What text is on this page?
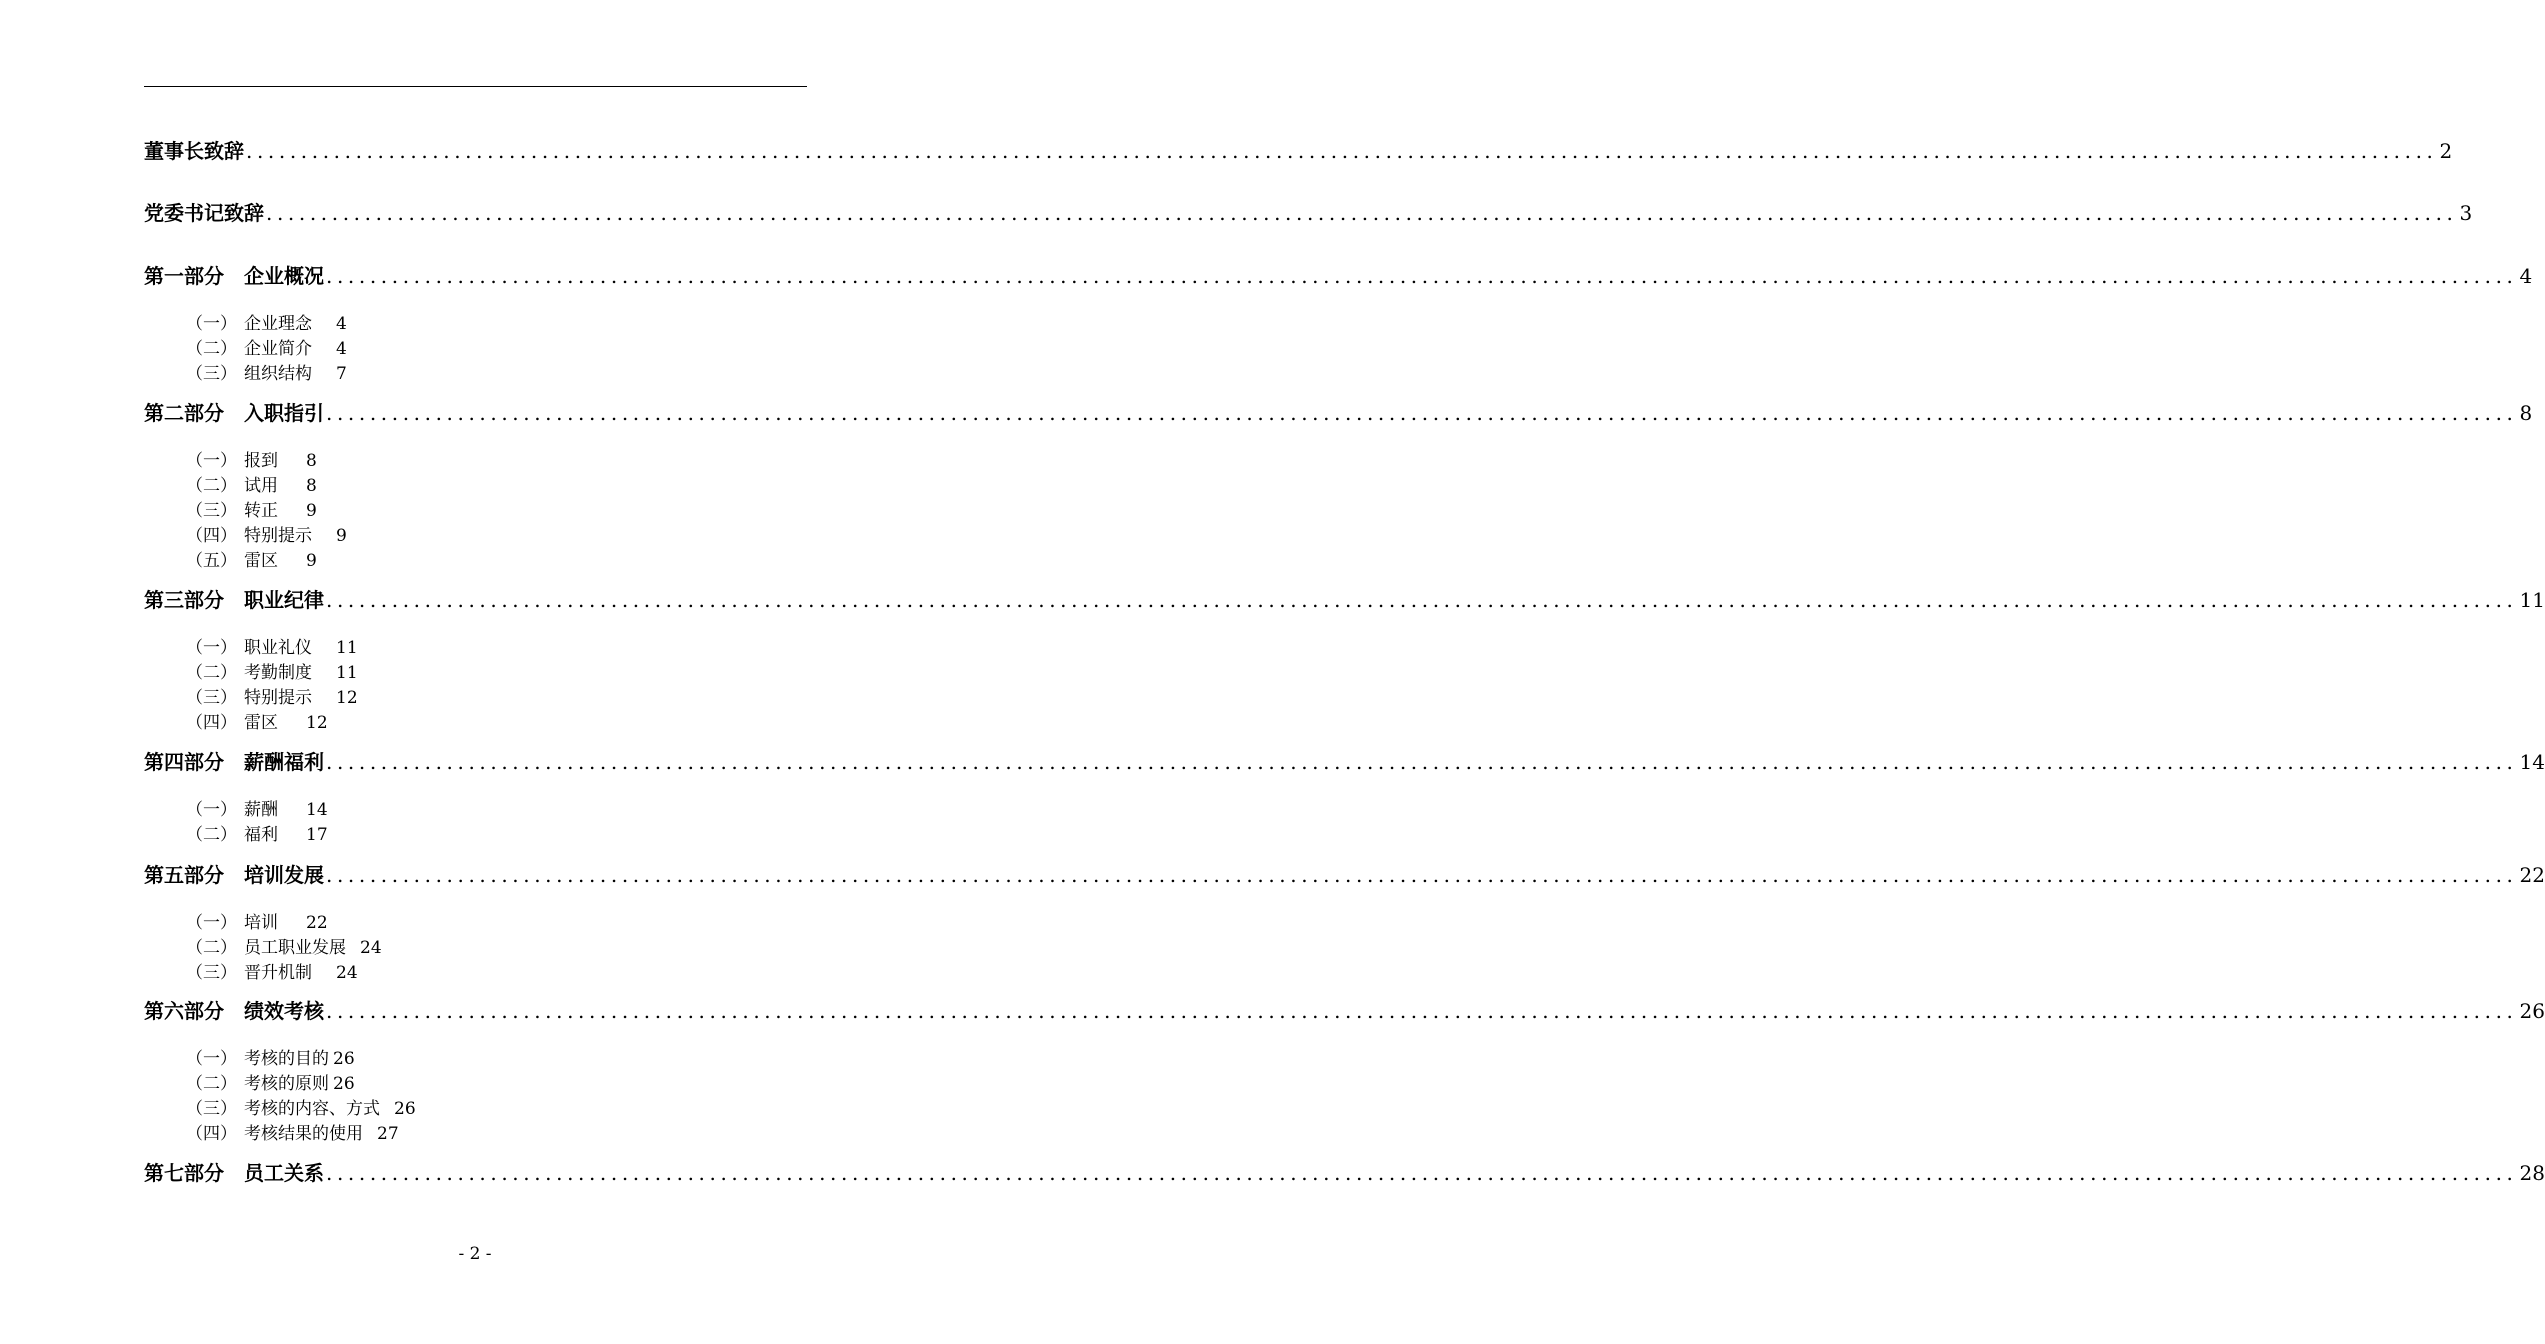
董事长致辞 ........................................................................................................................................................................................................ 2
党委书记致辞 ........................................................................................................................................................................................................ 3
第一部分　企业概况 ........................................................................................................................................................................................................ 4
（一） 企业理念 4
（二） 企业简介 4
（三） 组织结构 7
第二部分　入职指引 ........................................................................................................................................................................................................ 8
（一） 报到 8
（二） 试用 8
（三） 转正 9
（四） 特别提示 9
（五） 雷区 9
第三部分　职业纪律 ........................................................................................................................................................................................................ 11
（一） 职业礼仪 11
（二） 考勤制度 11
（三） 特别提示 12
（四） 雷区 12
第四部分　薪酬福利 ........................................................................................................................................................................................................ 14
（一） 薪酬 14
（二） 福利 17
第五部分　培训发展 ........................................................................................................................................................................................................ 22
（一） 培训 22
（二） 员工职业发展 24
（三） 晋升机制 24
第六部分　绩效考核 ........................................................................................................................................................................................................ 26
（一） 考核的目的 26
（二） 考核的原则 26
（三） 考核的内容、方式 26
（四） 考核结果的使用 27
第七部分　员工关系 ........................................................................................................................................................................................................ 28
- 2 -
